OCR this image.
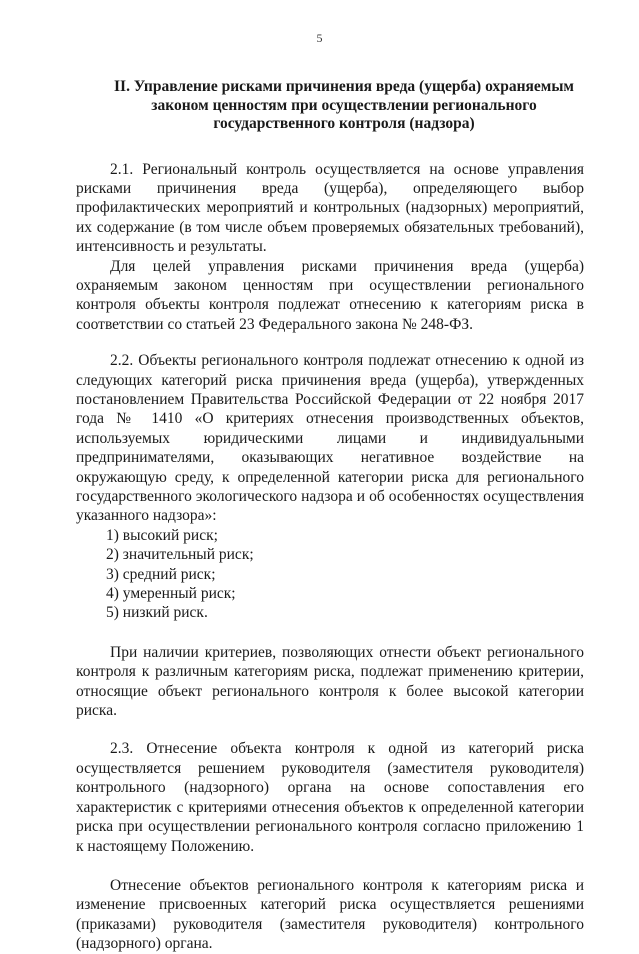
5
II. Управление рисками причинения вреда (ущерба) охраняемым законом ценностям при осуществлении регионального государственного контроля (надзора)

2.1. Региональный контроль осуществляется на основе управления рисками причинения вреда (ущерба), определяющего выбор профилактических мероприятий и контрольных (надзорных) мероприятий, их содержание (в том числе объем проверяемых обязательных требований), интенсивность и результаты.

Для целей управления рисками причинения вреда (ущерба) охраняемым законом ценностям при осуществлении регионального контроля объекты контроля подлежат отнесению к категориям риска в соответствии со статьей 23 Федерального закона № 248-ФЗ.

2.2. Объекты регионального контроля подлежат отнесению к одной из следующих категорий риска причинения вреда (ущерба), утвержденных постановлением Правительства Российской Федерации от 22 ноября 2017 года № 1410 «О критериях отнесения производственных объектов, используемых юридическими лицами и индивидуальными предпринимателями, оказывающих негативное воздействие на окружающую среду, к определенной категории риска для регионального государственного экологического надзора и об особенностях осуществления указанного надзора»:

1) высокий риск;
2) значительный риск;
3) средний риск;
4) умеренный риск;
5) низкий риск.

При наличии критериев, позволяющих отнести объект регионального контроля к различным категориям риска, подлежат применению критерии, относящие объект регионального контроля к более высокой категории риска.

2.3. Отнесение объекта контроля к одной из категорий риска осуществляется решением руководителя (заместителя руководителя) контрольного (надзорного) органа на основе сопоставления его характеристик с критериями отнесения объектов к определенной категории риска при осуществлении регионального контроля согласно приложению 1 к настоящему Положению.

Отнесение объектов регионального контроля к категориям риска и изменение присвоенных категорий риска осуществляется решениями (приказами) руководителя (заместителя руководителя) контрольного (надзорного) органа.
